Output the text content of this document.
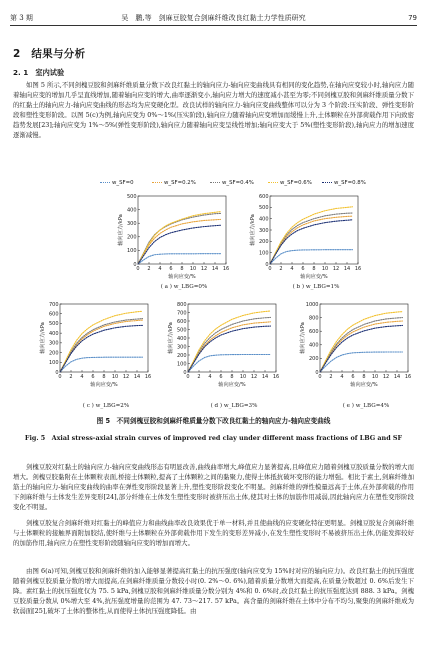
第 3 期	吴　鹏,等　剑麻豆胶复合剑麻纤维改良红黏土力学性质研究	79
2　结果与分析
2. 1　室内试验

如图 5 所示,不同剑槐豆胶和剑麻纤维质量分数下改良红黏土的轴向应力-轴向应变曲线具有相同的变化趋势,在轴向应变较小时,轴向应力随着轴向应变的增加几乎呈直线增加,随着轴向应变的增大,曲率逐渐变小,轴向应力增大的速度减小甚至为零;不同剑槐豆胶和剑麻纤维质量分数下的红黏土的轴向应力-轴向应变曲线的形态均为应变硬化型。改良试样的轴向应力-轴向应变曲线整体可以分为 3 个阶段:压实阶段、弹性变形阶段和塑性变形阶段。以图 5(c)为例,轴向应变为 0%～1%(压实阶段),轴向应力随着轴向应变增加而缓慢上升,土体颗粒在外部荷载作用下向致密趋势发展[23];轴向应变为 1%～5%(弹性变形阶段),轴向应力随着轴向应变呈线性增加;轴向应变大于 5%(塑性变形阶段),轴向应力的增加速度逐渐减慢。

w_SF=0	w_SF=0.2%	w_SF=0.4%	w_SF=0.6%	w_SF=0.8%
0 2 4 6 8 10 12 14 16
0
100
200
300
400
500
轴向应变/%
轴向应力/kPa
0 2 4 6 8 10 12 14 16
0
100
200
300
400
500
600
轴向应变/%
轴向应力/kPa
0 2 4 6 8 10 12 14 16
0
100
200
300
400
500
600
700
轴向应变/%
轴向应力/kPa
0 2 4 6 8 10 12 14 16
0
100
200
300
400
500
600
700
800
轴向应变/%
轴向应力/kPa
0 2 4 6 8 10 12 14 16
0
200
400
600
800
1000
轴向应变/%
轴向应力/kPa
( a ) w_LBG=0%	( b ) w_LBG=1%
( c ) w_LBG=2%	( d ) w_LBG=3%	( e ) w_LBG=4%
图 5　不同剑槐豆胶和剑麻纤维质量分数下改良红黏土的轴向应力-轴向应变曲线
Fig. 5　Axial stress-axial strain curves of improved red clay under different mass fractions of LBG and SF

剑槐豆胶对红黏土的轴向应力-轴向应变曲线形态有明显改善,曲线曲率增大,峰值应力显著提高,且峰值应力随着剑槐豆胶质量分数的增大而增大。剑槐豆胶黏附在土体颗粒表面,桥接土体颗粒,提高了土体颗粒之间的黏聚力,使得土体抵抗破坏变形的能力增强。相比于素土,剑麻纤维加筋土的轴向应力-轴向应变曲线的曲率在弹性变形阶段显著上升,塑性变形阶段变化不明显。剑麻纤维的弹性模量远高于土体,在外部荷载的作用下剑麻纤维与土体发生差异变形[24],部分纤维在土体发生塑性变形时被挤压出土体,使其对土体的加筋作用减弱,因此轴向应力在塑性变形阶段变化不明显。

剑槐豆胶复合剑麻纤维对红黏土的峰值应力和曲线曲率改良效果优于单一材料,并且使曲线的应变硬化特征更明显。剑槐豆胶复合剑麻纤维与土体颗粒的接触界面附加胶结,使纤维与土体颗粒在外部荷载作用下发生的变形差异减小,在发生塑性变形时不易被挤压出土体,仍能发挥较好的加筋作用,轴向应力在塑性变形阶段随轴向应变的增加而增大。

由图 6(a)可知,剑槐豆胶和剑麻纤维的加入能够显著提高红黏土的抗压强度(轴向应变为 15%时对应的轴向应力)。改良红黏土的抗压强度随着剑槐豆胶质量分数的增大而提高,在剑麻纤维质量分数较小时(0. 2%～0. 6%),随着质量分数增大而提高,在质量分数超过 0. 6%后发生下降。素红黏土的抗压强度仅为 75. 5 kPa,剑槐豆胶和剑麻纤维质量分数分别为 4%和 0. 6%时,改良红黏土的抗压强度达到 888. 3 kPa。剑槐豆胶质量分数从 0%增大至 4%,抗压强度增量的范围为 47. 73～217. 57 kPa。高含量的剑麻纤维在土体中分布不均匀,聚集的剑麻纤维成为软弱面[25],破坏了土体的整体性,从而使得土体抗压强度降低。由
